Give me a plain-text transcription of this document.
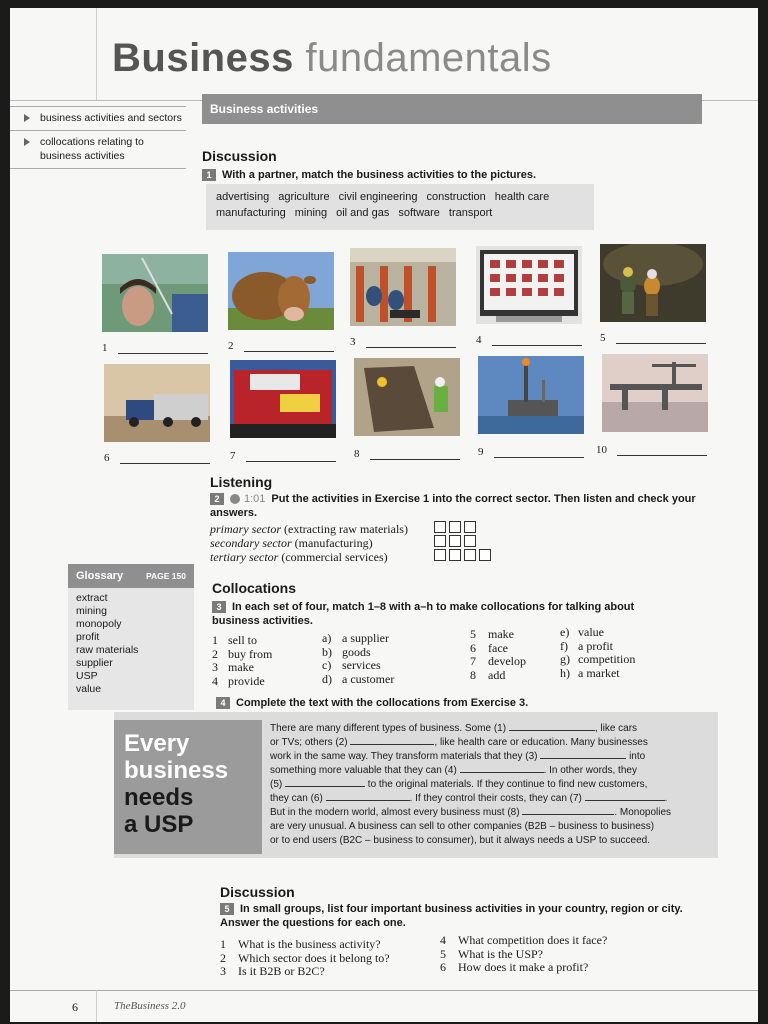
Business fundamentals
business activities and sectors
collocations relating to business activities
Business activities
Discussion
1 With a partner, match the business activities to the pictures.
advertising agriculture civil engineering construction health care
manufacturing mining oil and gas software transport
1	2	3	4	5
6	7	8	9	10
Listening
2 1:01 Put the activities in Exercise 1 into the correct sector. Then listen and check your answers.
primary sector (extracting raw materials)
secondary sector (manufacturing)
tertiary sector (commercial services)
Glossary	PAGE 150
extract
mining
monopoly
profit
raw materials
supplier
USP
value
Collocations
3 In each set of four, match 1–8 with a–h to make collocations for talking about business activities.
1 sell to
2 buy from
3 make
4 provide
a) a supplier
b) goods
c) services
d) a customer
5 make
6 face
7 develop
8 add
e) value
f) a profit
g) competition
h) a market
4 Complete the text with the collocations from Exercise 3.
Every
business
needs
a USP
There are many different types of business. Some (1)	, like cars
or TVs; others (2)	, like health care or education. Many businesses
work in the same way. They transform materials that they (3)	into
something more valuable that they can (4)	. In other words, they
(5)	to the original materials. If they continue to find new customers,
they can (6)	. If they control their costs, they can (7)	.
But in the modern world, almost every business must (8)	. Monopolies
are very unusual. A business can sell to other companies (B2B – business to business)
or to end users (B2C – business to consumer), but it always needs a USP to succeed.
Discussion
5 In small groups, list four important business activities in your country, region or city. Answer the questions for each one.
1 What is the business activity?
2 Which sector does it belong to?
3 Is it B2B or B2C?
4 What competition does it face?
5 What is the USP?
6 How does it make a profit?
6	TheBusiness 2.0
